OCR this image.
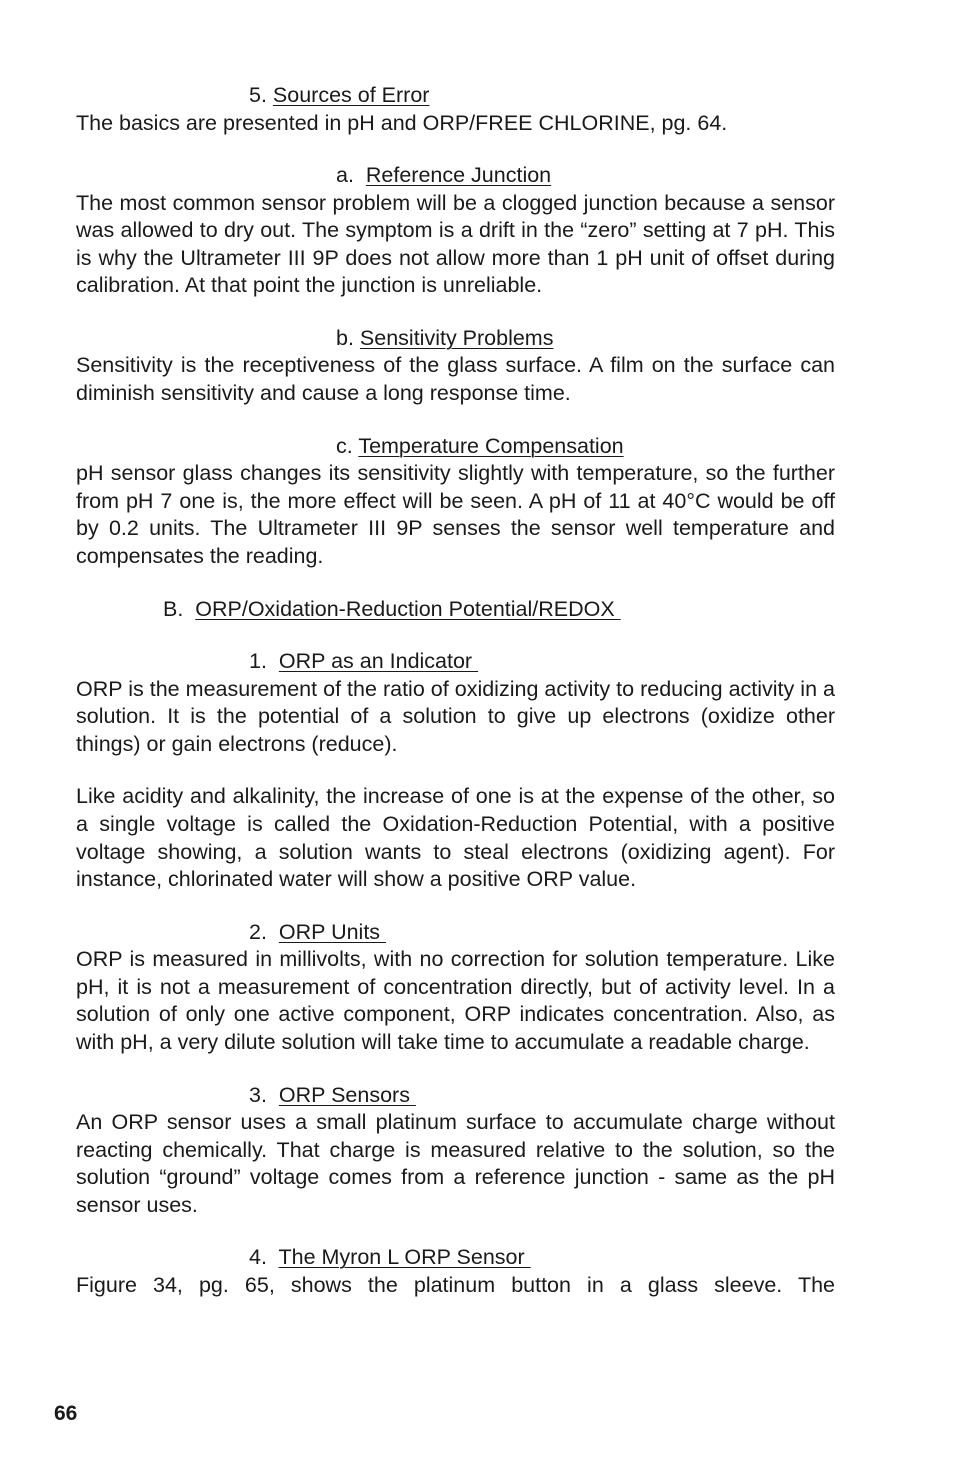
5. Sources of Error

The basics are presented in pH and ORP/FREE CHLORINE, pg. 64.

a.  Reference Junction

The most common sensor problem will be a clogged junction because a sensor was allowed to dry out. The symptom is a drift in the “zero” setting at 7 pH. This is why the Ultrameter III 9P does not allow more than 1 pH unit of offset during calibration. At that point the junction is unreliable.

b. Sensitivity Problems

Sensitivity is the receptiveness of the glass surface. A film on the surface can diminish sensitivity and cause a long response time.

c. Temperature Compensation

pH sensor glass changes its sensitivity slightly with temperature, so the further from pH 7 one is, the more effect will be seen. A pH of 11 at 40°C would be off by 0.2 units. The Ultrameter III 9P senses the sensor well temperature and compensates the reading.

B.  ORP/Oxidation-Reduction Potential/REDOX

1.  ORP as an Indicator

ORP is the measurement of the ratio of oxidizing activity to reducing activity in a solution. It is the potential of a solution to give up electrons (oxidize other things) or gain electrons (reduce).

Like acidity and alkalinity, the increase of one is at the expense of the other, so a single voltage is called the Oxidation-Reduction Potential, with a positive voltage showing, a solution wants to steal electrons (oxidizing agent). For instance, chlorinated water will show a positive ORP value.

2.  ORP Units

ORP is measured in millivolts, with no correction for solution temperature. Like pH, it is not a measurement of concentration directly, but of activity level. In a solution of only one active component, ORP indicates concentration. Also, as with pH, a very dilute solution will take time to accumulate a readable charge.

3.  ORP Sensors

An ORP sensor uses a small platinum surface to accumulate charge without reacting chemically. That charge is measured relative to the solution, so the solution “ground” voltage comes from a reference junction - same as the pH sensor uses.

4.  The Myron L ORP Sensor

Figure 34, pg. 65, shows the platinum button in a glass sleeve. The

66
